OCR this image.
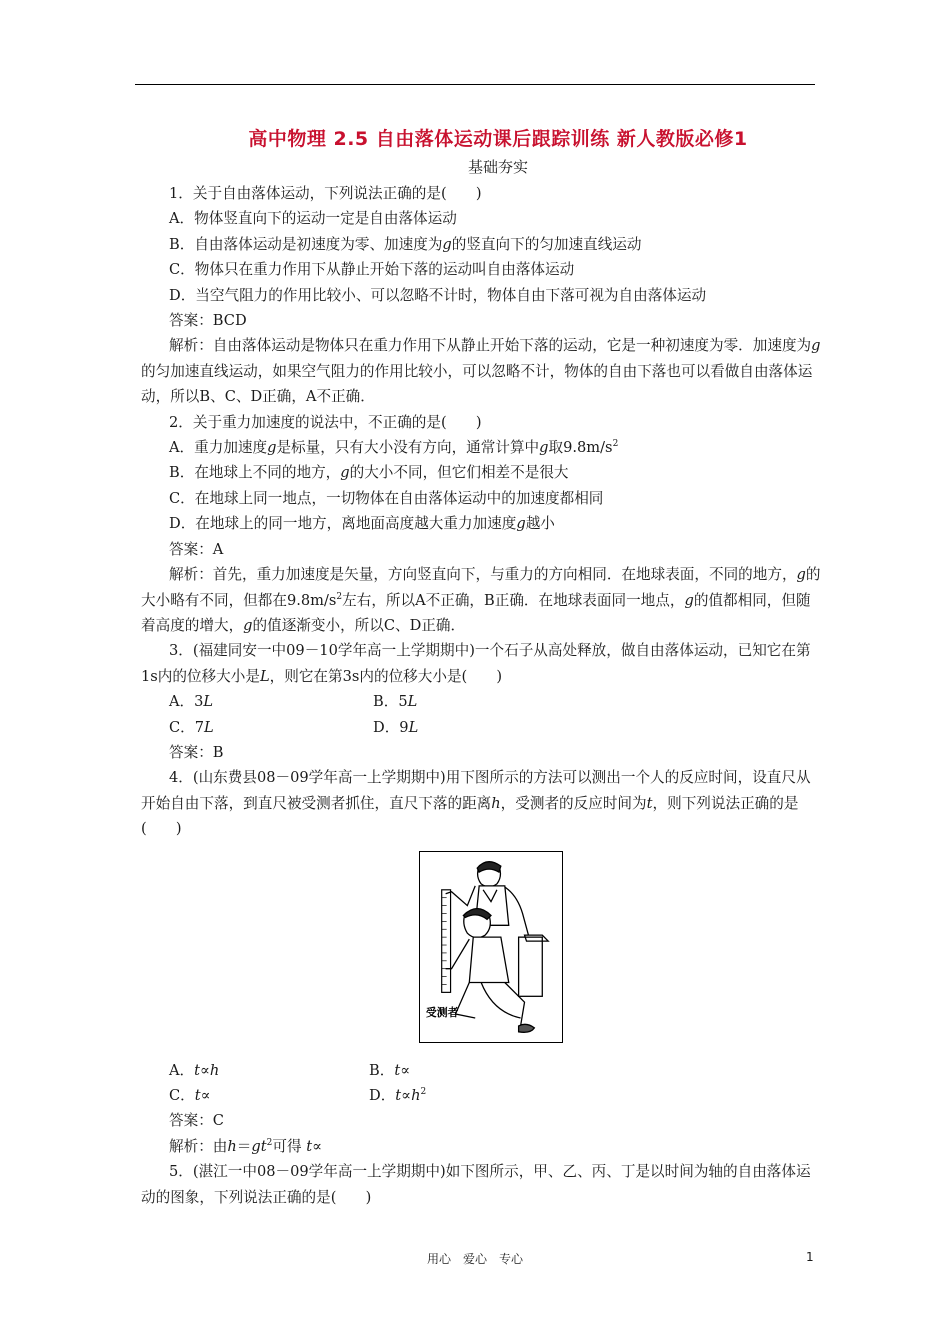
高中物理 2.5 自由落体运动课后跟踪训练 新人教版必修1
基础夯实

1．关于自由落体运动，下列说法正确的是(　　)

A．物体竖直向下的运动一定是自由落体运动

B．自由落体运动是初速度为零、加速度为g的竖直向下的匀加速直线运动

C．物体只在重力作用下从静止开始下落的运动叫自由落体运动

D．当空气阻力的作用比较小、可以忽略不计时，物体自由下落可视为自由落体运动

答案：BCD

解析：自由落体运动是物体只在重力作用下从静止开始下落的运动，它是一种初速度为零．加速度为g的匀加速直线运动，如果空气阻力的作用比较小，可以忽略不计，物体的自由下落也可以看做自由落体运动，所以B、C、D正确，A不正确．

2．关于重力加速度的说法中，不正确的是(　　)

A．重力加速度g是标量，只有大小没有方向，通常计算中g取$9.8m/s^2$

B．在地球上不同的地方，g的大小不同，但它们相差不是很大

C．在地球上同一地点，一切物体在自由落体运动中的加速度都相同

D．在地球上的同一地方，离地面高度越大重力加速度g越小

答案：A

解析：首先，重力加速度是矢量，方向竖直向下，与重力的方向相同．在地球表面，不同的地方，g的大小略有不同，但都在$9.8m/s^2$左右，所以A不正确，B正确．在地球表面同一地点，g的值都相同，但随着高度的增大，g的值逐渐变小，所以C、D正确．

3．(福建同安一中09－10学年高一上学期期中)一个石子从高处释放，做自由落体运动，已知它在第1s内的位移大小是L，则它在第3s内的位移大小是(　　)

A．3L	B．5L
C．7L	D．9L

答案：B

4．(山东费县08－09学年高一上学期期中)用下图所示的方法可以测出一个人的反应时间，设直尺从开始自由下落，到直尺被受测者抓住，直尺下落的距离h，受测者的反应时间为t，则下列说法正确的是(　　)

受测者
A．t∝h	B．t∝
C．t∝	D．$t\propto h^2$

答案：C

解析：由$h=gt^2$可得 t∝

5．(湛江一中08－09学年高一上学期期中)如下图所示，甲、乙、丙、丁是以时间为轴的自由落体运动的图象，下列说法正确的是(　　)

用心　爱心　专心	1
